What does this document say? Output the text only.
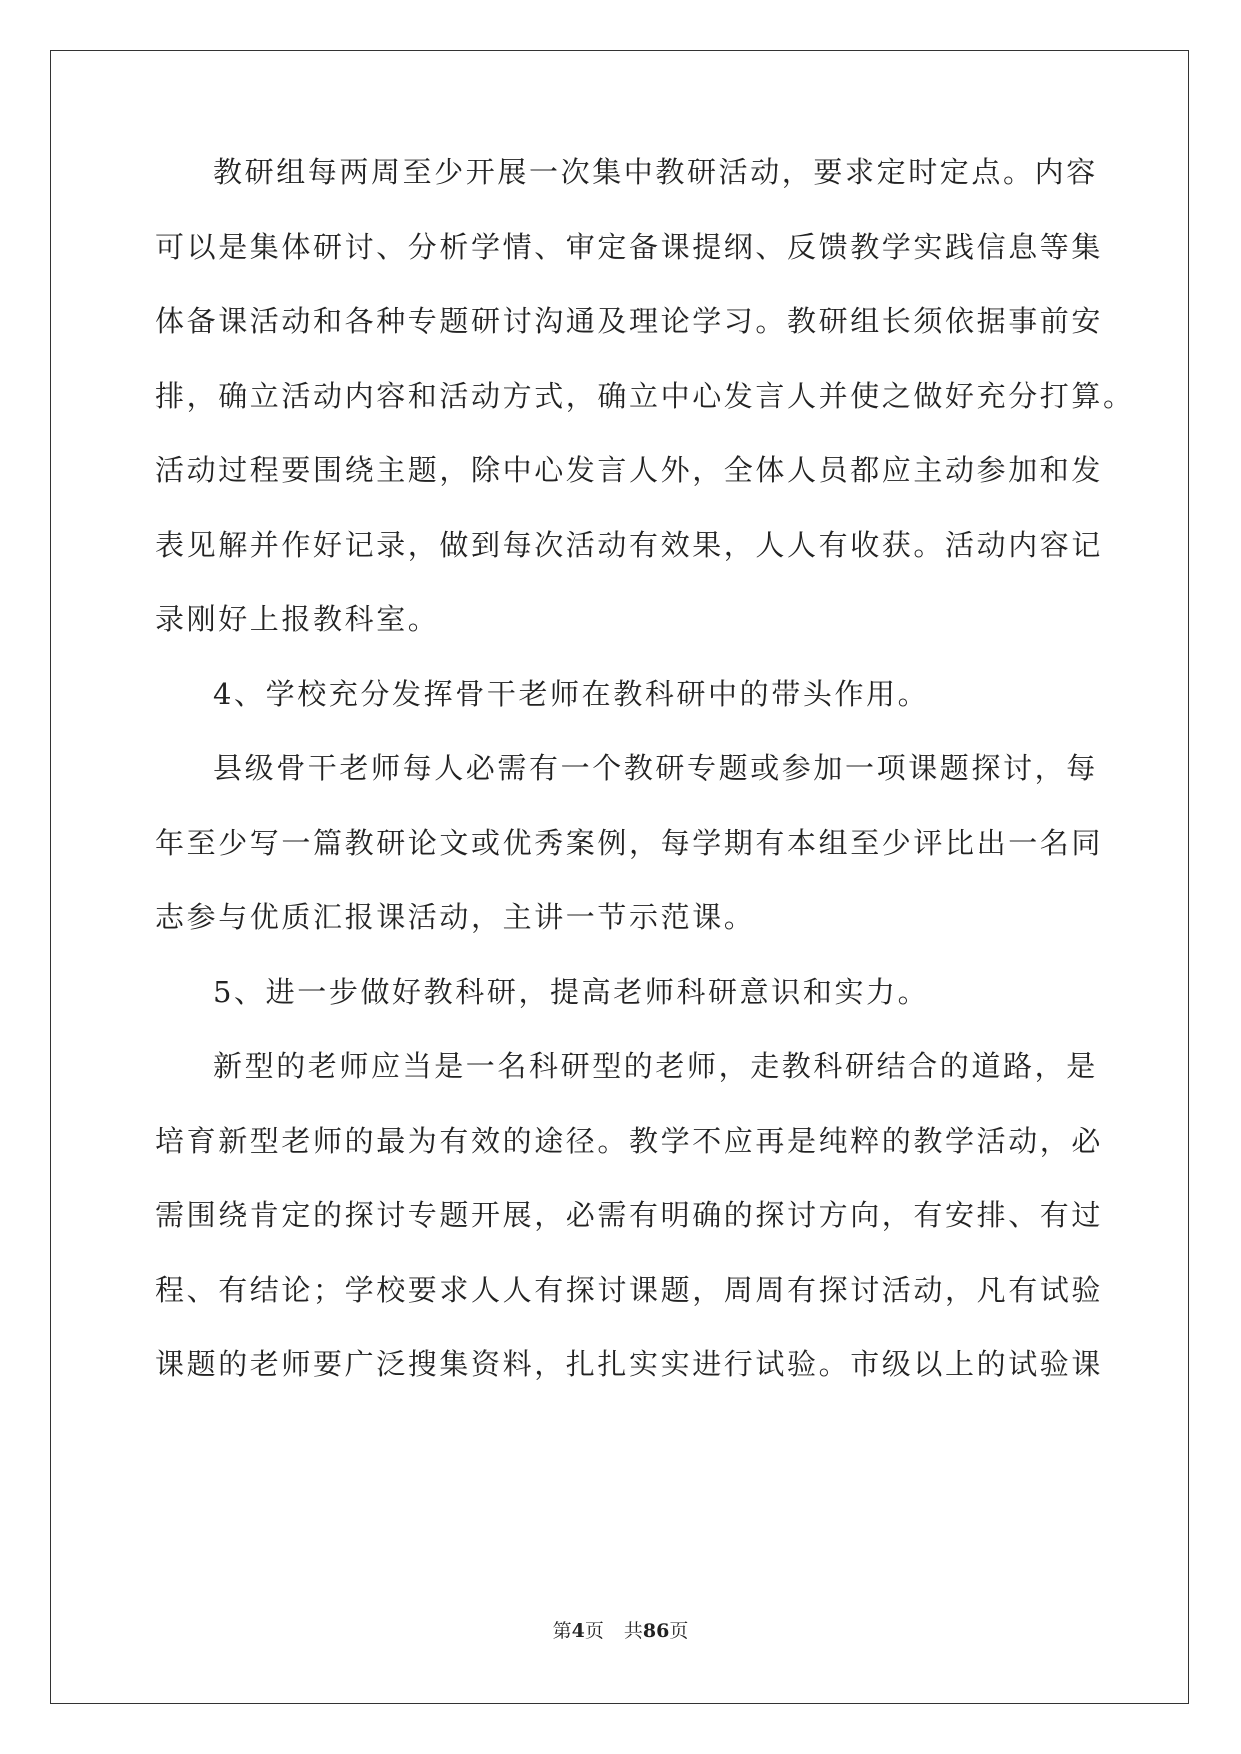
教研组每两周至少开展一次集中教研活动，要求定时定点。内容
可以是集体研讨、分析学情、审定备课提纲、反馈教学实践信息等集
体备课活动和各种专题研讨沟通及理论学习。教研组长须依据事前安
排，确立活动内容和活动方式，确立中心发言人并使之做好充分打算。
活动过程要围绕主题，除中心发言人外，全体人员都应主动参加和发
表见解并作好记录，做到每次活动有效果，人人有收获。活动内容记
录刚好上报教科室。
4、学校充分发挥骨干老师在教科研中的带头作用。
县级骨干老师每人必需有一个教研专题或参加一项课题探讨，每
年至少写一篇教研论文或优秀案例，每学期有本组至少评比出一名同
志参与优质汇报课活动，主讲一节示范课。
5、进一步做好教科研，提高老师科研意识和实力。
新型的老师应当是一名科研型的老师，走教科研结合的道路，是
培育新型老师的最为有效的途径。教学不应再是纯粹的教学活动，必
需围绕肯定的探讨专题开展，必需有明确的探讨方向，有安排、有过
程、有结论；学校要求人人有探讨课题，周周有探讨活动，凡有试验
课题的老师要广泛搜集资料，扎扎实实进行试验。市级以上的试验课
第4页 共86页
